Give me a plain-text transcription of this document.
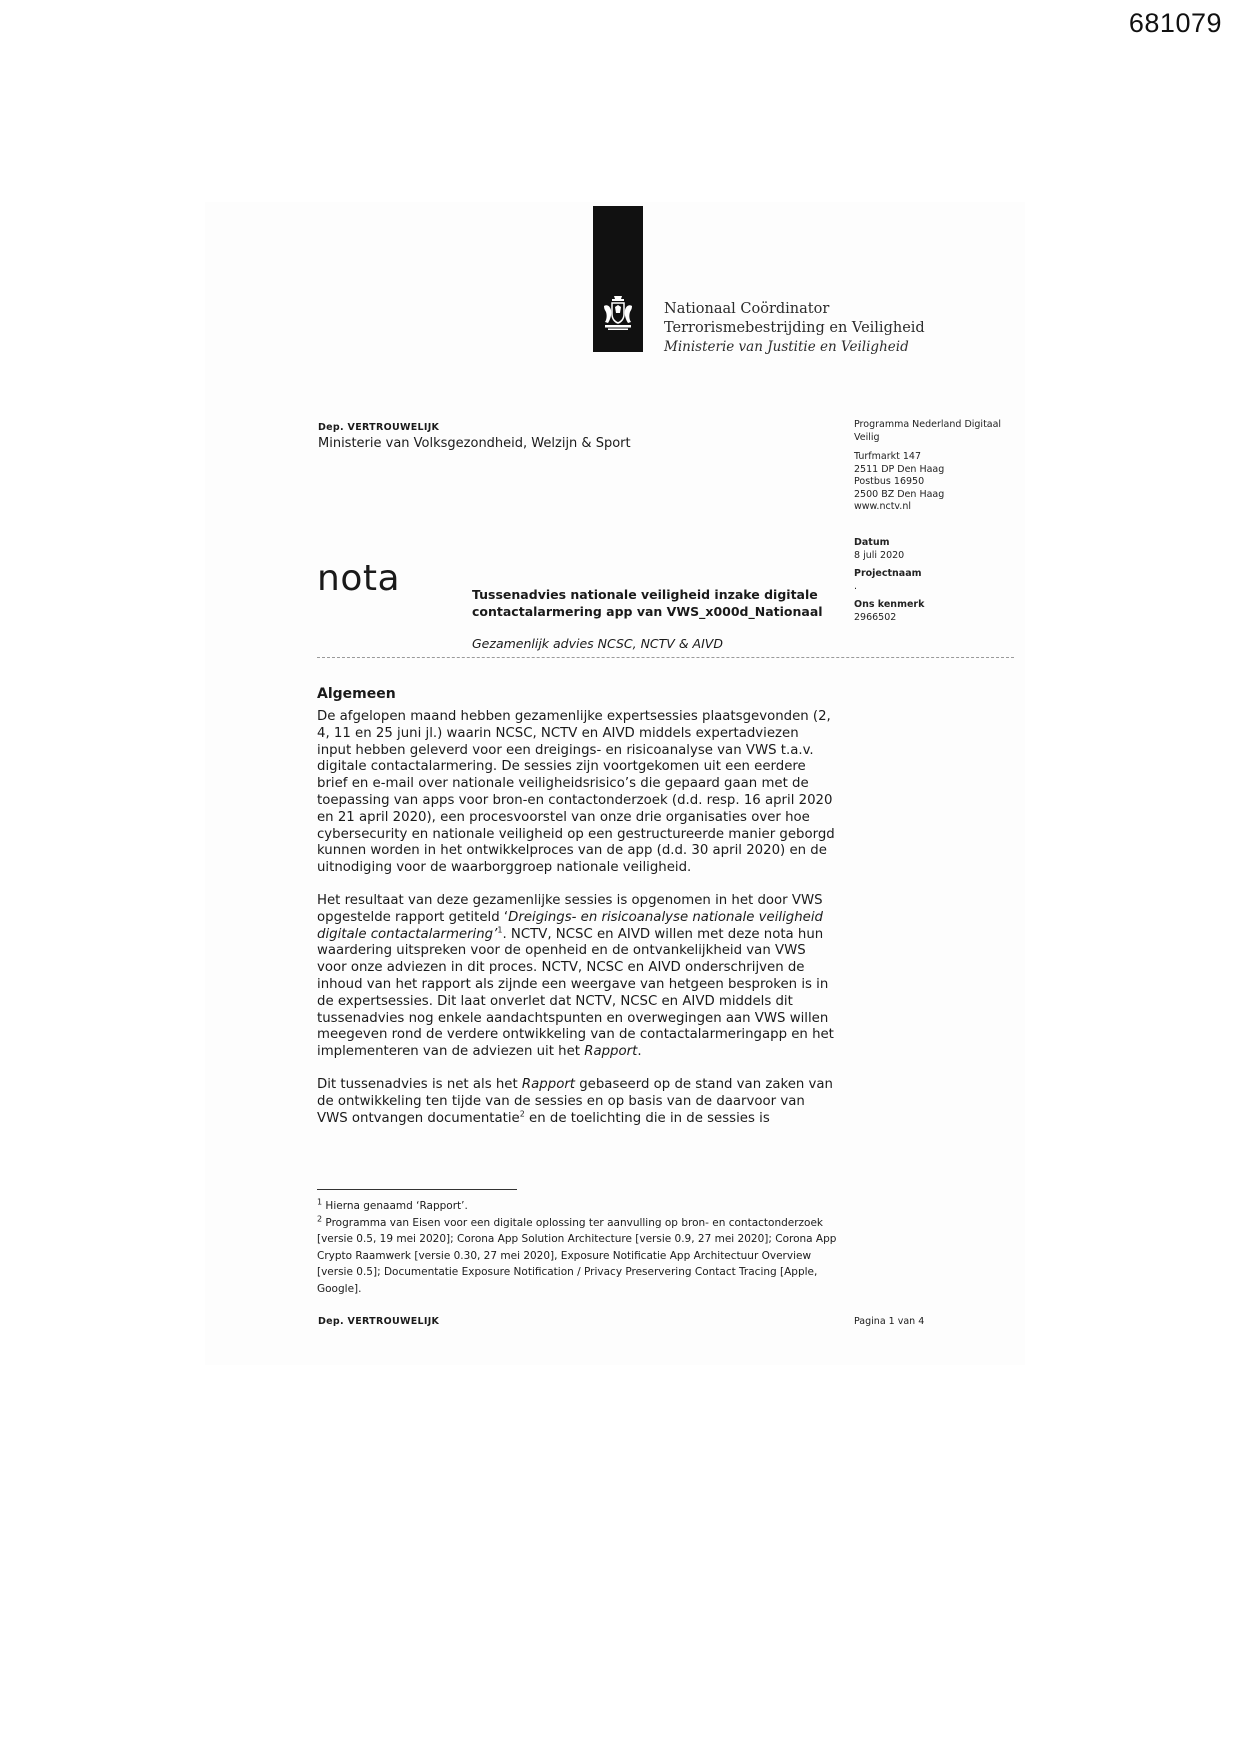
681079
Nationaal Coördinator
Terrorismebestrijding en Veiligheid
Ministerie van Justitie en Veiligheid
Dep. VERTROUWELIJK
Ministerie van Volksgezondheid, Welzijn & Sport
Programma Nederland Digitaal Veilig
Turfmarkt 147
2511 DP Den Haag
Postbus 16950
2500 BZ Den Haag
www.nctv.nl
Datum
8 juli 2020
Projectnaam
.
Ons kenmerk
2966502
nota	Tussenadvies nationale veiligheid inzake digitale contactalarmering app van VWS_x000d_Nationaal
Gezamenlijk advies NCSC, NCTV & AIVD
Algemeen

De afgelopen maand hebben gezamenlijke expertsessies plaatsgevonden (2, 4, 11 en 25 juni jl.) waarin NCSC, NCTV en AIVD middels expertadviezen input hebben geleverd voor een dreigings- en risicoanalyse van VWS t.a.v. digitale contactalarmering. De sessies zijn voortgekomen uit een eerdere brief en e-mail over nationale veiligheidsrisico’s die gepaard gaan met de toepassing van apps voor bron-en contactonderzoek (d.d. resp. 16 april 2020 en 21 april 2020), een procesvoorstel van onze drie organisaties over hoe cybersecurity en nationale veiligheid op een gestructureerde manier geborgd kunnen worden in het ontwikkelproces van de app (d.d. 30 april 2020) en de uitnodiging voor de waarborggroep nationale veiligheid.

Het resultaat van deze gezamenlijke sessies is opgenomen in het door VWS opgestelde rapport getiteld ‘Dreigings- en risicoanalyse nationale veiligheid digitale contactalarmering’$^1$. NCTV, NCSC en AIVD willen met deze nota hun waardering uitspreken voor de openheid en de ontvankelijkheid van VWS voor onze adviezen in dit proces. NCTV, NCSC en AIVD onderschrijven de inhoud van het rapport als zijnde een weergave van hetgeen besproken is in de expertsessies. Dit laat onverlet dat NCTV, NCSC en AIVD middels dit tussenadvies nog enkele aandachtspunten en overwegingen aan VWS willen meegeven rond de verdere ontwikkeling van de contactalarmeringapp en het implementeren van de adviezen uit het Rapport.

Dit tussenadvies is net als het Rapport gebaseerd op de stand van zaken van de ontwikkeling ten tijde van de sessies en op basis van de daarvoor van VWS ontvangen documentatie$^2$ en de toelichting die in de sessies is

$^1$ Hierna genaamd ‘Rapport’.
$^2$ Programma van Eisen voor een digitale oplossing ter aanvulling op bron- en contactonderzoek [versie 0.5, 19 mei 2020]; Corona App Solution Architecture [versie 0.9, 27 mei 2020]; Corona App Crypto Raamwerk [versie 0.30, 27 mei 2020], Exposure Notificatie App Architectuur Overview [versie 0.5]; Documentatie Exposure Notification / Privacy Preservering Contact Tracing [Apple, Google].
Dep. VERTROUWELIJK	Pagina 1 van 4
